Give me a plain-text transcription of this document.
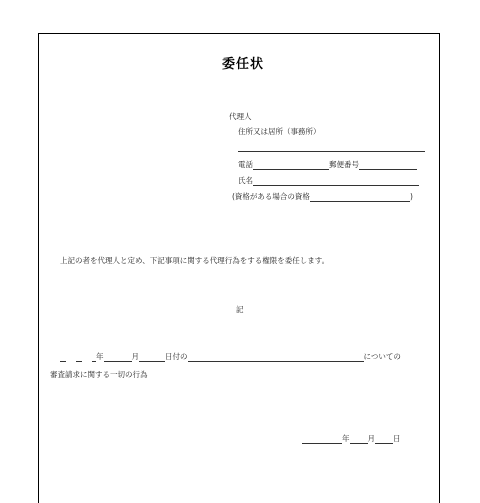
委任状
代理人
住所又は居所（事務所）
電話	郵便番号
氏名
(資格がある場合の資格	)
上記の者を代理人と定め、下記事項に関する代理行為をする権限を委任します。
記
年	月	日付の	についての
審査請求に関する一切の行為
年 月 日
